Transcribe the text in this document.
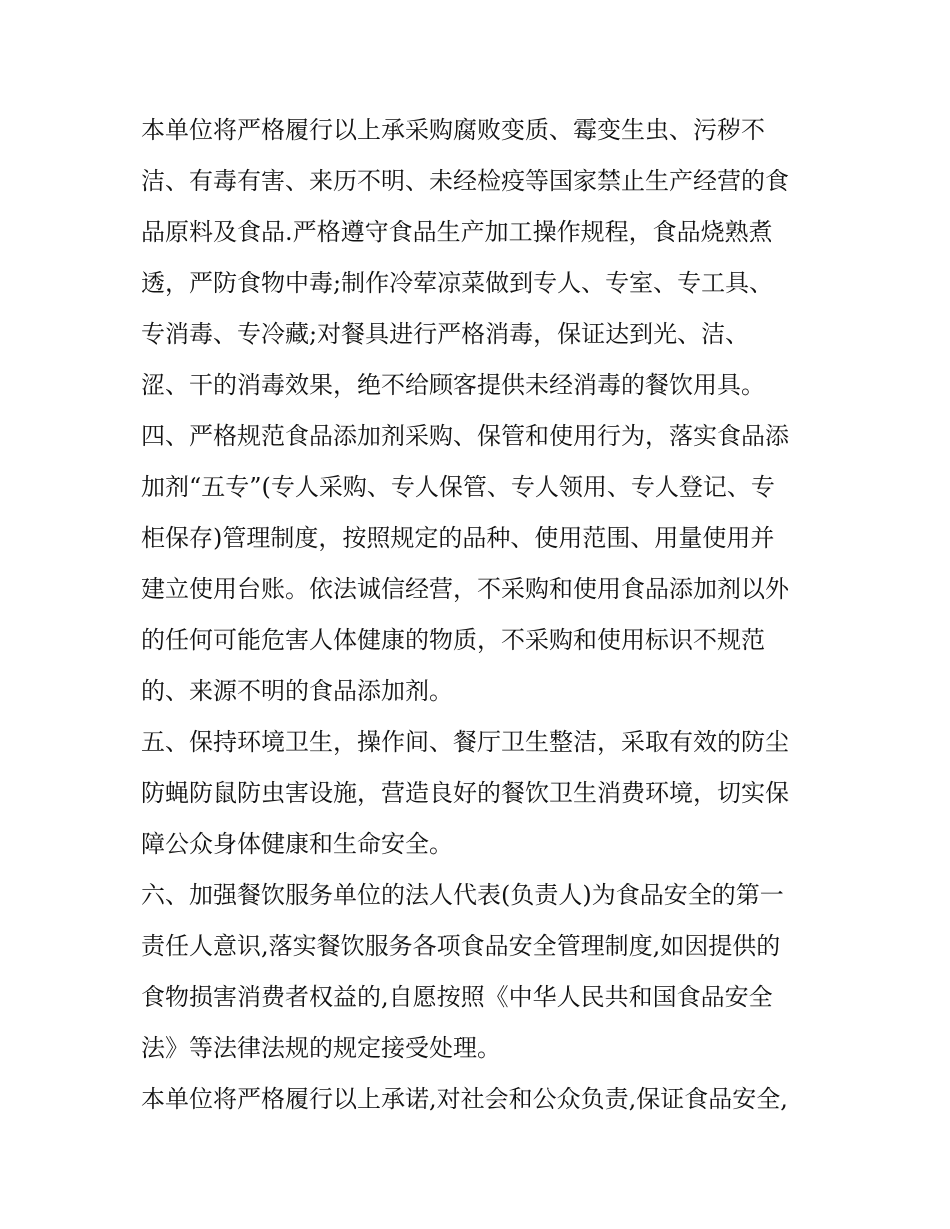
本单位将严格履行以上承采购腐败变质、霉变生虫、污秽不

洁、有毒有害、来历不明、未经检疫等国家禁止生产经营的食

品原料及食品.严格遵守食品生产加工操作规程，食品烧熟煮

透，严防食物中毒;制作冷荤凉菜做到专人、专室、专工具、

专消毒、专冷藏;对餐具进行严格消毒，保证达到光、洁、

涩、干的消毒效果，绝不给顾客提供未经消毒的餐饮用具。

四、严格规范食品添加剂采购、保管和使用行为，落实食品添

加剂“五专”(专人采购、专人保管、专人领用、专人登记、专

柜保存)管理制度，按照规定的品种、使用范围、用量使用并

建立使用台账。依法诚信经营，不采购和使用食品添加剂以外

的任何可能危害人体健康的物质，不采购和使用标识不规范

的、来源不明的食品添加剂。

五、保持环境卫生，操作间、餐厅卫生整洁，采取有效的防尘

防蝇防鼠防虫害设施，营造良好的餐饮卫生消费环境，切实保

障公众身体健康和生命安全。

六、加强餐饮服务单位的法人代表(负责人)为食品安全的第一

责任人意识,落实餐饮服务各项食品安全管理制度,如因提供的

食物损害消费者权益的,自愿按照《中华人民共和国食品安全

法》等法律法规的规定接受处理。

本单位将严格履行以上承诺,对社会和公众负责,保证食品安全,
